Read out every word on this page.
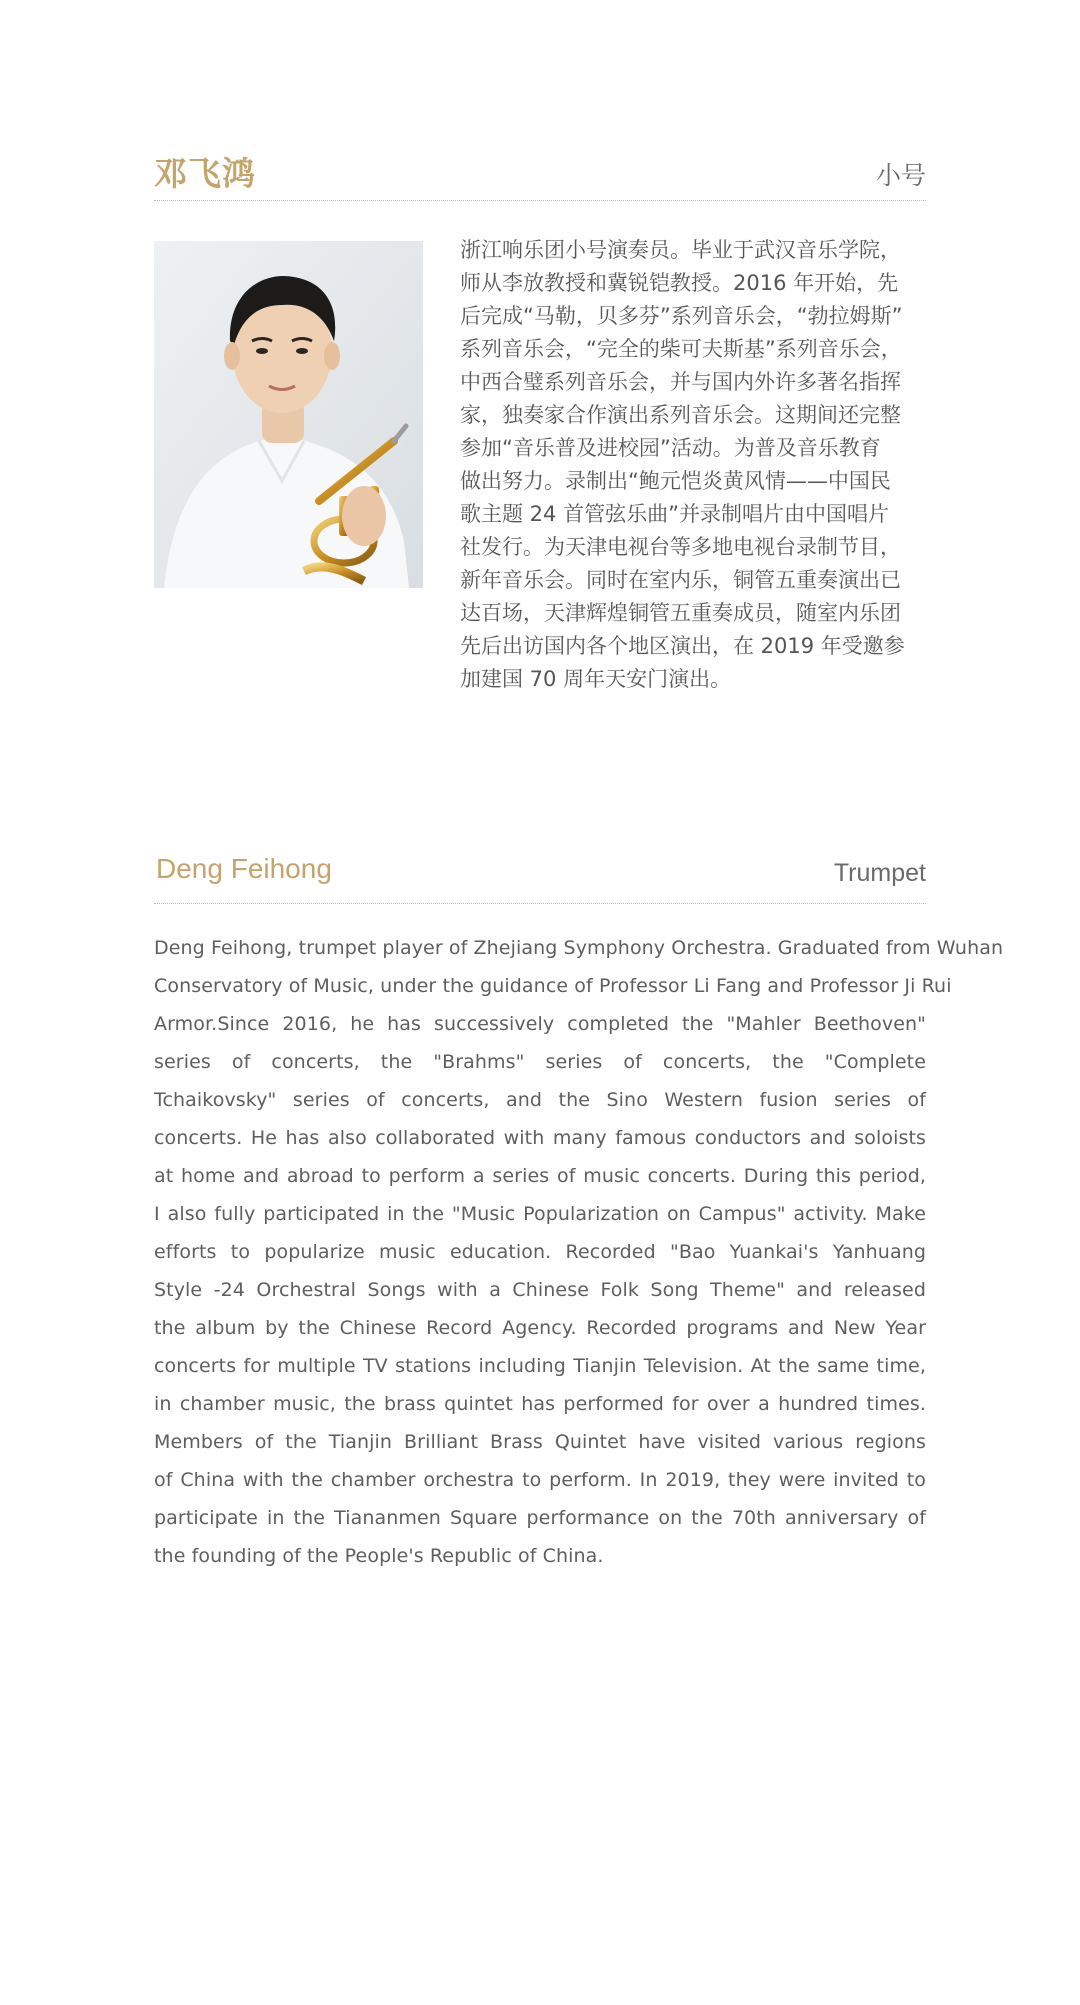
邓飞鸿	小号
浙江响乐团小号演奏员。毕业于武汉音乐学院，
师从李放教授和冀锐铠教授。2016 年开始，先
后完成“马勒，贝多芬”系列音乐会，“勃拉姆斯”
系列音乐会，“完全的柴可夫斯基”系列音乐会，
中西合璧系列音乐会，并与国内外许多著名指挥
家，独奏家合作演出系列音乐会。这期间还完整
参加“音乐普及进校园”活动。为普及音乐教育
做出努力。录制出“鲍元恺炎黄风情——中国民
歌主题 24 首管弦乐曲”并录制唱片由中国唱片
社发行。为天津电视台等多地电视台录制节目，
新年音乐会。同时在室内乐，铜管五重奏演出已
达百场，天津辉煌铜管五重奏成员，随室内乐团
先后出访国内各个地区演出，在 2019 年受邀参
加建国 70 周年天安门演出。
Deng Feihong	Trumpet
Deng Feihong, trumpet player of Zhejiang Symphony Orchestra. Graduated from Wuhan
Conservatory of Music, under the guidance of Professor Li Fang and Professor Ji Rui
Armor.Since 2016, he has successively completed the "Mahler Beethoven"
series of concerts, the "Brahms" series of concerts, the "Complete
Tchaikovsky" series of concerts, and the Sino Western fusion series of
concerts. He has also collaborated with many famous conductors and soloists
at home and abroad to perform a series of music concerts. During this period,
I also fully participated in the "Music Popularization on Campus" activity. Make
efforts to popularize music education. Recorded "Bao Yuankai's Yanhuang
Style -24 Orchestral Songs with a Chinese Folk Song Theme" and released
the album by the Chinese Record Agency. Recorded programs and New Year
concerts for multiple TV stations including Tianjin Television. At the same time,
in chamber music, the brass quintet has performed for over a hundred times.
Members of the Tianjin Brilliant Brass Quintet have visited various regions
of China with the chamber orchestra to perform. In 2019, they were invited to
participate in the Tiananmen Square performance on the 70th anniversary of
the founding of the People's Republic of China.
